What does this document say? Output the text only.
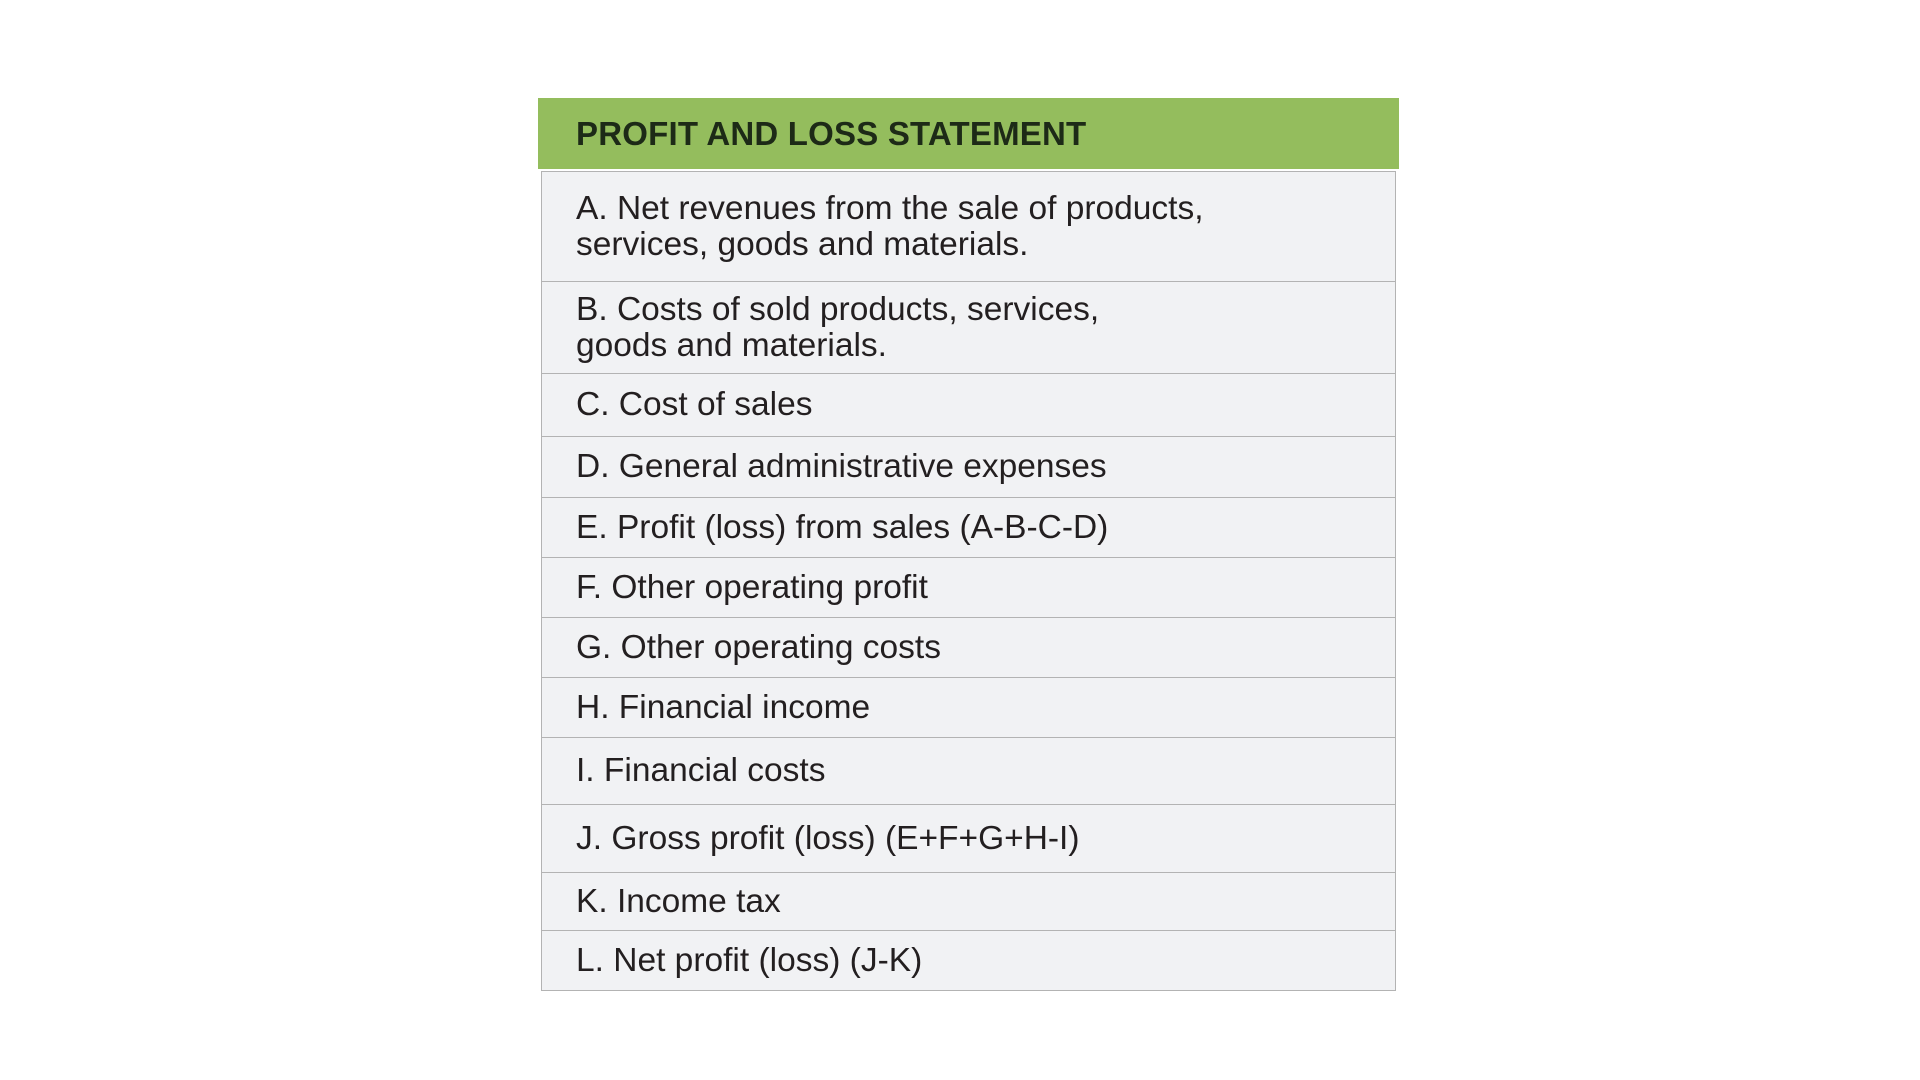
PROFIT AND LOSS STATEMENT
A. Net revenues from the sale of products,
services, goods and materials.
B. Costs of sold products, services,
goods and materials.
C. Cost of sales
D. General administrative expenses
E. Profit (loss) from sales (A-B-C-D)
F. Other operating profit
G. Other operating costs
H. Financial income
I. Financial costs
J. Gross profit (loss) (E+F+G+H-I)
K. Income tax
L. Net profit (loss) (J-K)
